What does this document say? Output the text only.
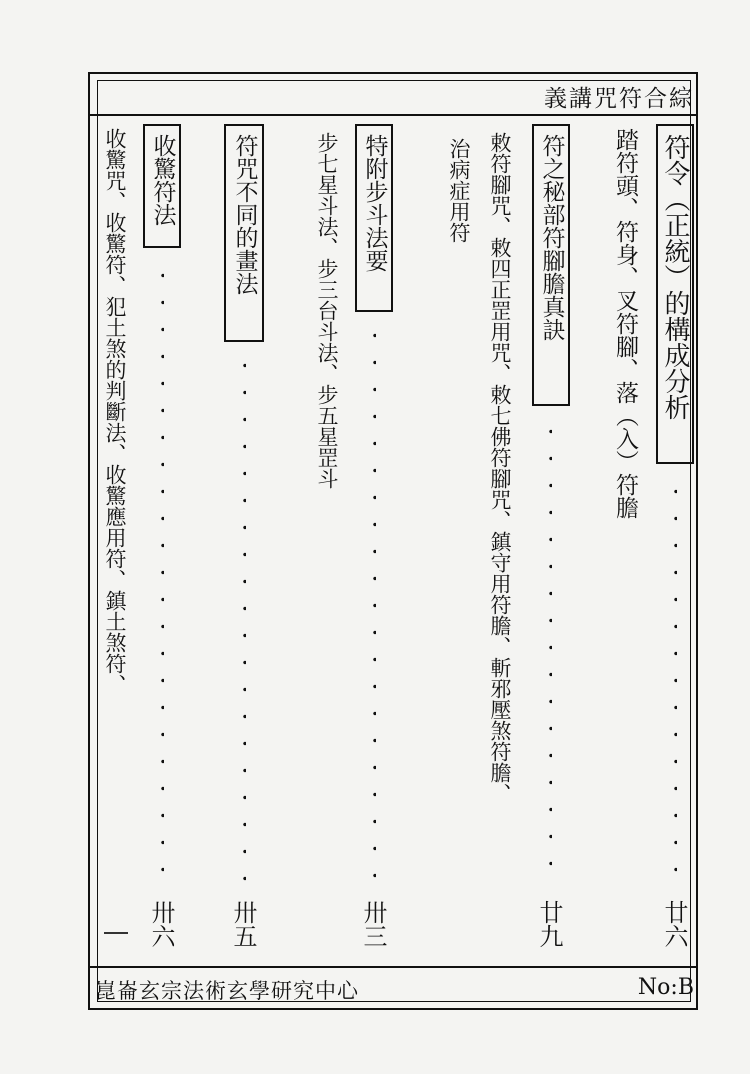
義講咒符合綜
符令（正統）的構成分析
廿六
踏符頭、符身、叉符腳、落（入）符膽
符之秘部符腳膽真訣
廿九
敕符腳咒、敕四正罡用咒、敕七佛符腳咒、鎮守用符膽、斬邪壓煞符膽、
治病症用符
特附步斗法要
卅三
步七星斗法、步三台斗法、步五星罡斗
符咒不同的畫法
卅五
收驚符法
卅六
收驚咒、收驚符、犯土煞的判斷法、收驚應用符、鎮土煞符、
崑崙玄宗法術玄學研究中心	No:B
